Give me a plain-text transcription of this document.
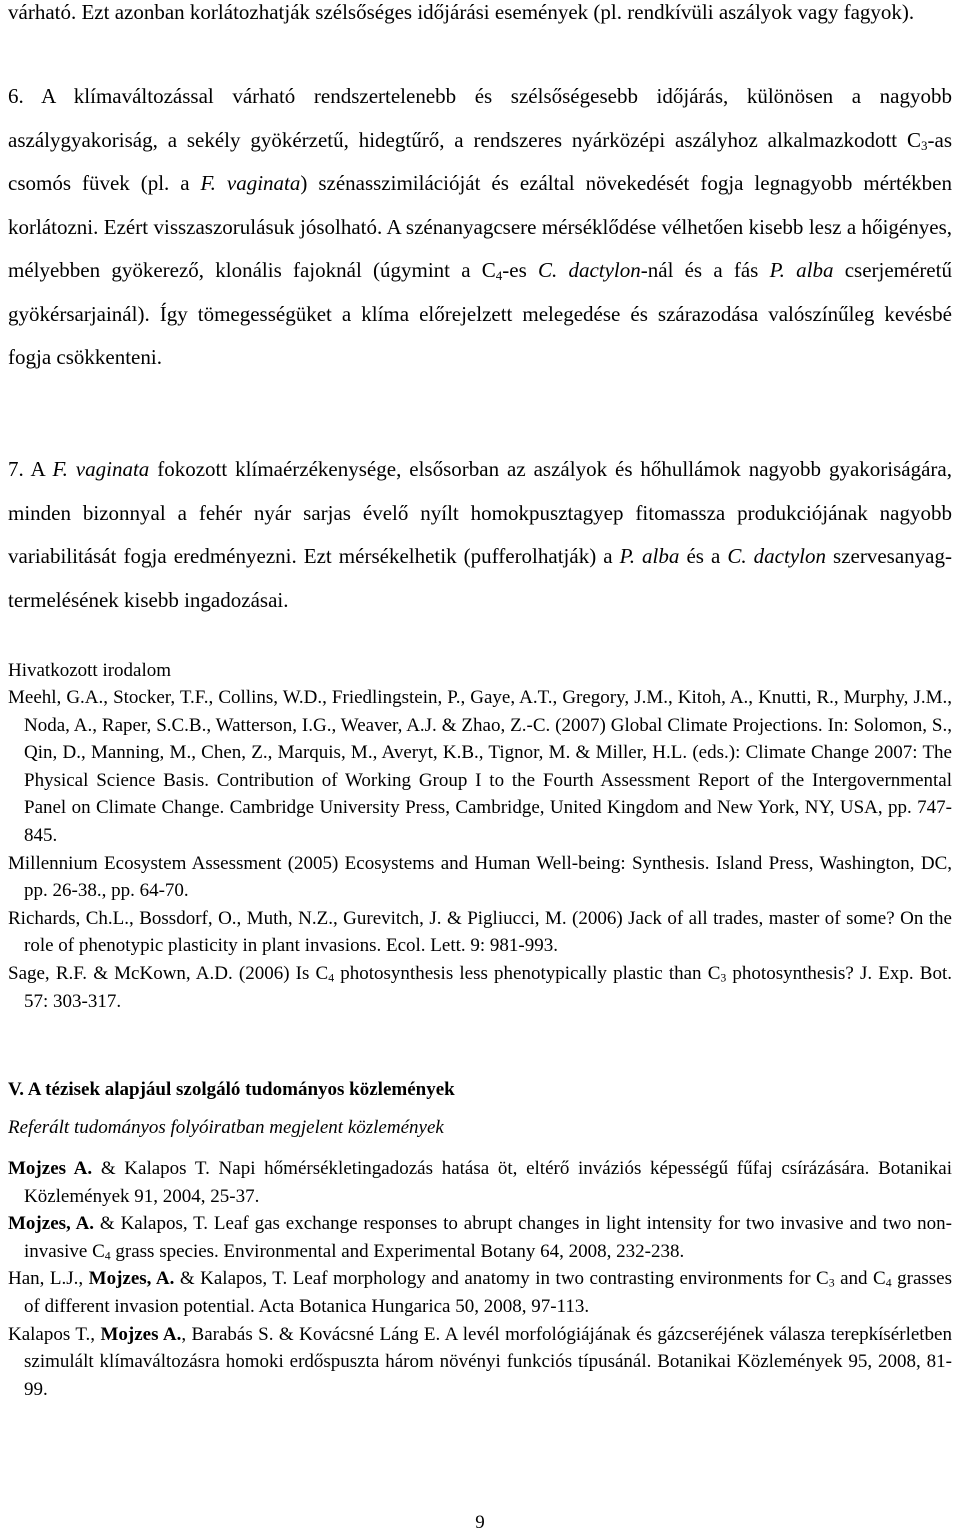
várható. Ezt azonban korlátozhatják szélsőséges időjárási események (pl. rendkívüli aszályok vagy fagyok).

6. A klímaváltozással várható rendszertelenebb és szélsőségesebb időjárás, különösen a nagyobb aszálygyakoriság, a sekély gyökérzetű, hidegtűrő, a rendszeres nyárközépi aszályhoz alkalmazkodott C3-as csomós füvek (pl. a F. vaginata) szénasszimilációját és ezáltal növekedését fogja legnagyobb mértékben korlátozni. Ezért visszaszorulásuk jósolható. A szénanyagcsere mérséklődése vélhetően kisebb lesz a hőigényes, mélyebben gyökerező, klonális fajoknál (úgymint a C4-es C. dactylon-nál és a fás P. alba cserjeméretű gyökérsarjainál). Így tömegességüket a klíma előrejelzett melegedése és szárazodása valószínűleg kevésbé fogja csökkenteni.

7. A F. vaginata fokozott klímaérzékenysége, elsősorban az aszályok és hőhullámok nagyobb gyakoriságára, minden bizonnyal a fehér nyár sarjas évelő nyílt homokpusztagyep fitomassza produkciójának nagyobb variabilitását fogja eredményezni. Ezt mérsékelhetik (pufferolhatják) a P. alba és a C. dactylon szervesanyag-termelésének kisebb ingadozásai.

Hivatkozott irodalom

Meehl, G.A., Stocker, T.F., Collins, W.D., Friedlingstein, P., Gaye, A.T., Gregory, J.M., Kitoh, A., Knutti, R., Murphy, J.M., Noda, A., Raper, S.C.B., Watterson, I.G., Weaver, A.J. & Zhao, Z.-C. (2007) Global Climate Projections. In: Solomon, S., Qin, D., Manning, M., Chen, Z., Marquis, M., Averyt, K.B., Tignor, M. & Miller, H.L. (eds.): Climate Change 2007: The Physical Science Basis. Contribution of Working Group I to the Fourth Assessment Report of the Intergovernmental Panel on Climate Change. Cambridge University Press, Cambridge, United Kingdom and New York, NY, USA, pp. 747-845.

Millennium Ecosystem Assessment (2005) Ecosystems and Human Well-being: Synthesis. Island Press, Washington, DC, pp. 26-38., pp. 64-70.

Richards, Ch.L., Bossdorf, O., Muth, N.Z., Gurevitch, J. & Pigliucci, M. (2006) Jack of all trades, master of some? On the role of phenotypic plasticity in plant invasions. Ecol. Lett. 9: 981-993.

Sage, R.F. & McKown, A.D. (2006) Is C4 photosynthesis less phenotypically plastic than C3 photosynthesis? J. Exp. Bot. 57: 303-317.

V. A tézisek alapjául szolgáló tudományos közlemények
Referált tudományos folyóiratban megjelent közlemények

Mojzes A. & Kalapos T. Napi hőmérsékletingadozás hatása öt, eltérő inváziós képességű fűfaj csírázására. Botanikai Közlemények 91, 2004, 25-37.

Mojzes, A. & Kalapos, T. Leaf gas exchange responses to abrupt changes in light intensity for two invasive and two non-invasive C4 grass species. Environmental and Experimental Botany 64, 2008, 232-238.

Han, L.J., Mojzes, A. & Kalapos, T. Leaf morphology and anatomy in two contrasting environments for C3 and C4 grasses of different invasion potential. Acta Botanica Hungarica 50, 2008, 97-113.

Kalapos T., Mojzes A., Barabás S. & Kovácsné Láng E. A levél morfológiájának és gázcseréjének válasza terepkísérletben szimulált klímaváltozásra homoki erdőspuszta három növényi funkciós típusánál. Botanikai Közlemények 95, 2008, 81-99.

9
